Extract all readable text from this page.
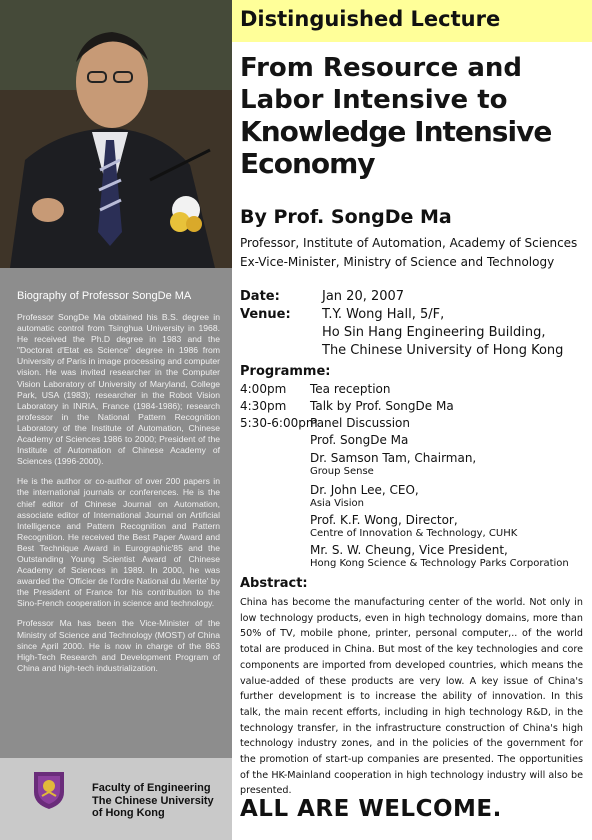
Biography of Professor SongDe MA

Professor SongDe Ma obtained his B.S. degree in automatic control from Tsinghua University in 1968. He received the Ph.D degree in 1983 and the "Doctorat d'Etat es Science" degree in 1986 from University of Paris in image processing and computer vision. He was invited researcher in the Computer Vision Laboratory of University of Maryland, College Park, USA (1983); researcher in the Robot Vision Laboratory in INRIA, France (1984-1986); research professor in the National Pattern Recognition Laboratory of the Institute of Automation, Chinese Academy of Sciences 1986 to 2000; President of the Institute of Automation of Chinese Academy of Sciences (1996-2000).

He is the author or co-author of over 200 papers in the international journals or conferences. He is the chief editor of Chinese Journal on Automation, associate editor of International Journal on Artificial Intelligence and Pattern Recognition and Pattern Recognition. He received the Best Paper Award and Best Technique Award in Eurographic'85 and the Outstanding Young Scientist Award of Chinese Academy of Sciences in 1989. In 2000, he was awarded the 'Officier de l'ordre National du Merite' by the President of France for his contribution to the Sino-French cooperation in science and technology.

Professor Ma has been the Vice-Minister of the Ministry of Science and Technology (MOST) of China since April 2000. He is now in charge of the 863 High-Tech Research and Development Program of China and high-tech industrialization.

Faculty of Engineering
The Chinese University
of Hong Kong
Distinguished Lecture
From Resource and
Labor Intensive to
Knowledge Intensive
Economy
By Prof. SongDe Ma
Professor, Institute of Automation, Academy of Sciences
Ex-Vice-Minister, Ministry of Science and Technology
Date:	Jan 20, 2007
Venue:	T.Y. Wong Hall, 5/F,
Ho Sin Hang Engineering Building,
The Chinese University of Hong Kong
Programme:
4:00pm Tea reception
4:30pm Talk by Prof. SongDe Ma
5:30-6:00pm
Panel Discussion
Prof. SongDe Ma
Dr. Samson Tam, Chairman,
Group Sense
Dr. John Lee, CEO,
Asia Vision
Prof. K.F. Wong, Director,
Centre of Innovation & Technology, CUHK
Mr. S. W. Cheung, Vice President,
Hong Kong Science & Technology Parks Corporation
Abstract:

China has become the manufacturing center of the world. Not only in low technology products, even in high technology domains, more than 50% of TV, mobile phone, printer, personal computer,.. of the world total are produced in China. But most of the key technologies and core components are imported from developed countries, which means the value-added of these products are very low. A key issue of China's further development is to increase the ability of innovation. In this talk, the main recent efforts, including in high technology R&D, in the technology transfer, in the infrastructure construction of China's high technology industry zones, and in the policies of the government for the promotion of start-up companies are presented. The opportunities of the HK-Mainland cooperation in high technology industry will also be presented.

ALL ARE WELCOME.
